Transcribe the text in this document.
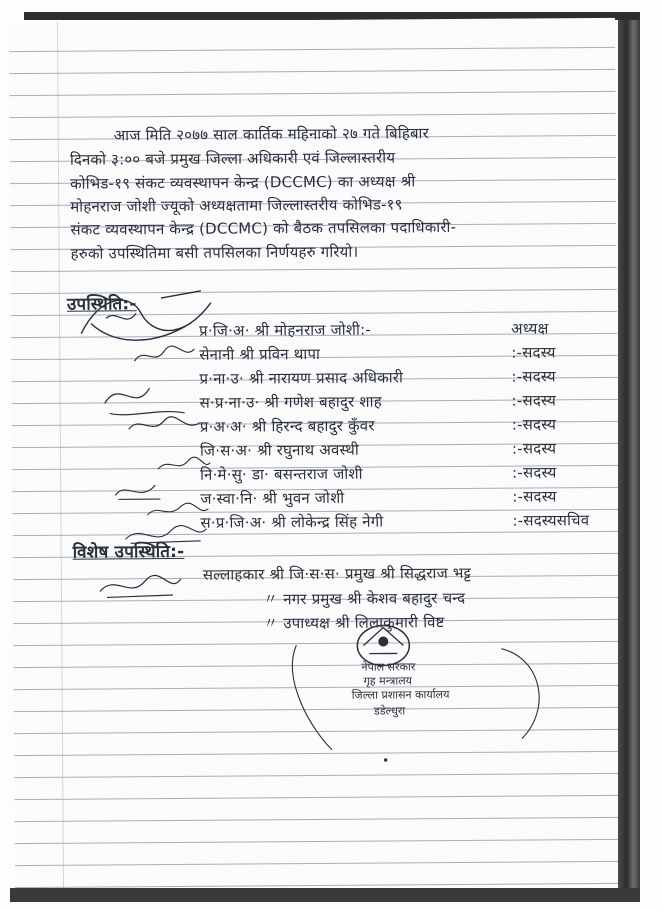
आज मिति २०७७ साल कार्तिक महिनाको २७ गते बिहिबार
दिनको ३:०० बजे प्रमुख जिल्ला अधिकारी एवं जिल्लास्तरीय
कोभिड-१९ संकट व्यवस्थापन केन्द्र (DCCMC) का अध्यक्ष श्री
मोहनराज जोशी ज्यूको अध्यक्षतामा जिल्लास्तरीय कोभिड-१९
संकट व्यवस्थापन केन्द्र (DCCMC) को बैठक तपसिलका पदाधिकारी-
हरुको उपस्थितिमा बसी तपसिलका निर्णयहरु गरियो।
उपस्थिति:-
प्र·जि·अ· श्री मोहनराज जोशी:-	अध्यक्ष
सेनानी श्री प्रविन थापा	:-सदस्य
प्र·ना·उ· श्री नारायण प्रसाद अधिकारी	:-सदस्य
स·प्र·ना·उ· श्री गणेश बहादुर शाह	:-सदस्य
प्र·अ·अ· श्री हिरन्द बहादुर कुँवर	:-सदस्य
जि·स·अ· श्री रघुनाथ अवस्थी	:-सदस्य
नि·मे·सु· डा· बसन्तराज जोशी	:-सदस्य
ज·स्वा·नि· श्री भुवन जोशी	:-सदस्य
स·प्र·जि·अ· श्री लोकेन्द्र सिंह नेगी	:-सदस्यसचिव
विशेष उपस्थिति:-
सल्लाहकार श्री जि·स·स· प्रमुख श्री सिद्धराज भट्ट
〃 नगर प्रमुख श्री केशव बहादुर चन्द
〃 उपाध्यक्ष श्री लिलाकुमारी विष्ट
नेपाल सरकार
गृह मन्त्रालय
जिल्ला प्रशासन कार्यालय
डडेल्धुरा
•
